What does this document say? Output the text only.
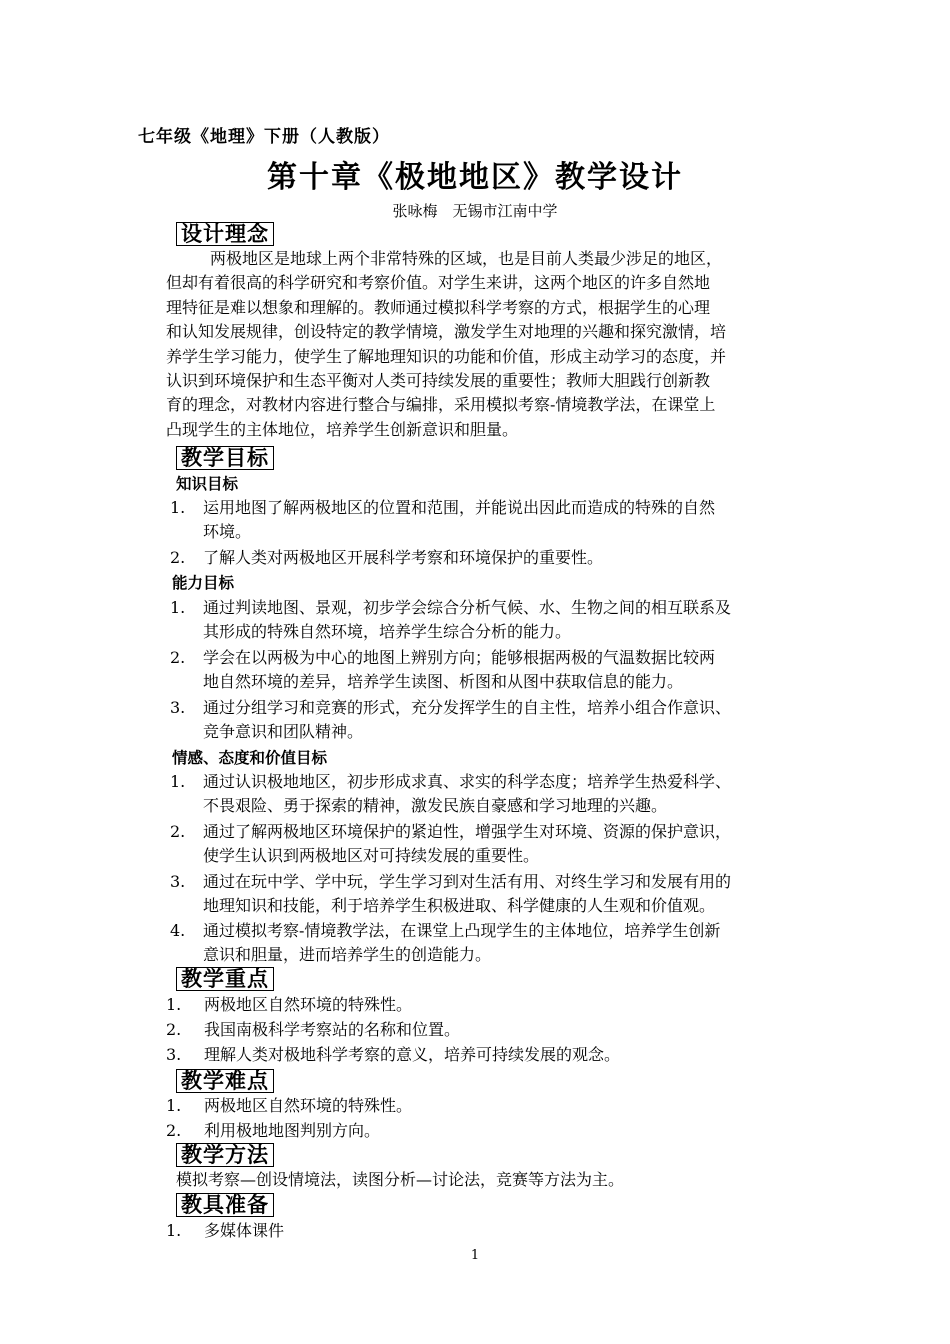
七年级《地理》下册（人教版）
第十章《极地地区》教学设计
张咏梅　无锡市江南中学
设计理念
两极地区是地球上两个非常特殊的区域，也是目前人类最少涉足的地区，
但却有着很高的科学研究和考察价值。对学生来讲，这两个地区的许多自然地
理特征是难以想象和理解的。教师通过模拟科学考察的方式，根据学生的心理
和认知发展规律，创设特定的教学情境，激发学生对地理的兴趣和探究激情，培
养学生学习能力，使学生了解地理知识的功能和价值，形成主动学习的态度，并
认识到环境保护和生态平衡对人类可持续发展的重要性；教师大胆践行创新教
育的理念，对教材内容进行整合与编排，采用模拟考察-情境教学法，在课堂上
凸现学生的主体地位，培养学生创新意识和胆量。
教学目标
知识目标
1.	运用地图了解两极地区的位置和范围，并能说出因此而造成的特殊的自然
环境。
2.	了解人类对两极地区开展科学考察和环境保护的重要性。
能力目标
1.	通过判读地图、景观，初步学会综合分析气候、水、生物之间的相互联系及
其形成的特殊自然环境，培养学生综合分析的能力。
2.	学会在以两极为中心的地图上辨别方向；能够根据两极的气温数据比较两
地自然环境的差异，培养学生读图、析图和从图中获取信息的能力。
3.	通过分组学习和竞赛的形式，充分发挥学生的自主性，培养小组合作意识、
竞争意识和团队精神。
情感、态度和价值目标
1.	通过认识极地地区，初步形成求真、求实的科学态度；培养学生热爱科学、
不畏艰险、勇于探索的精神，激发民族自豪感和学习地理的兴趣。
2.	通过了解两极地区环境保护的紧迫性，增强学生对环境、资源的保护意识，
使学生认识到两极地区对可持续发展的重要性。
3.	通过在玩中学、学中玩，学生学习到对生活有用、对终生学习和发展有用的
地理知识和技能，利于培养学生积极进取、科学健康的人生观和价值观。
4.	通过模拟考察-情境教学法，在课堂上凸现学生的主体地位，培养学生创新
意识和胆量，进而培养学生的创造能力。
教学重点
1.	两极地区自然环境的特殊性。
2.	我国南极科学考察站的名称和位置。
3.	理解人类对极地科学考察的意义，培养可持续发展的观念。
教学难点
1.	两极地区自然环境的特殊性。
2.	利用极地地图判别方向。
教学方法
模拟考察—创设情境法，读图分析—讨论法，竞赛等方法为主。
教具准备
1.	多媒体课件
1
